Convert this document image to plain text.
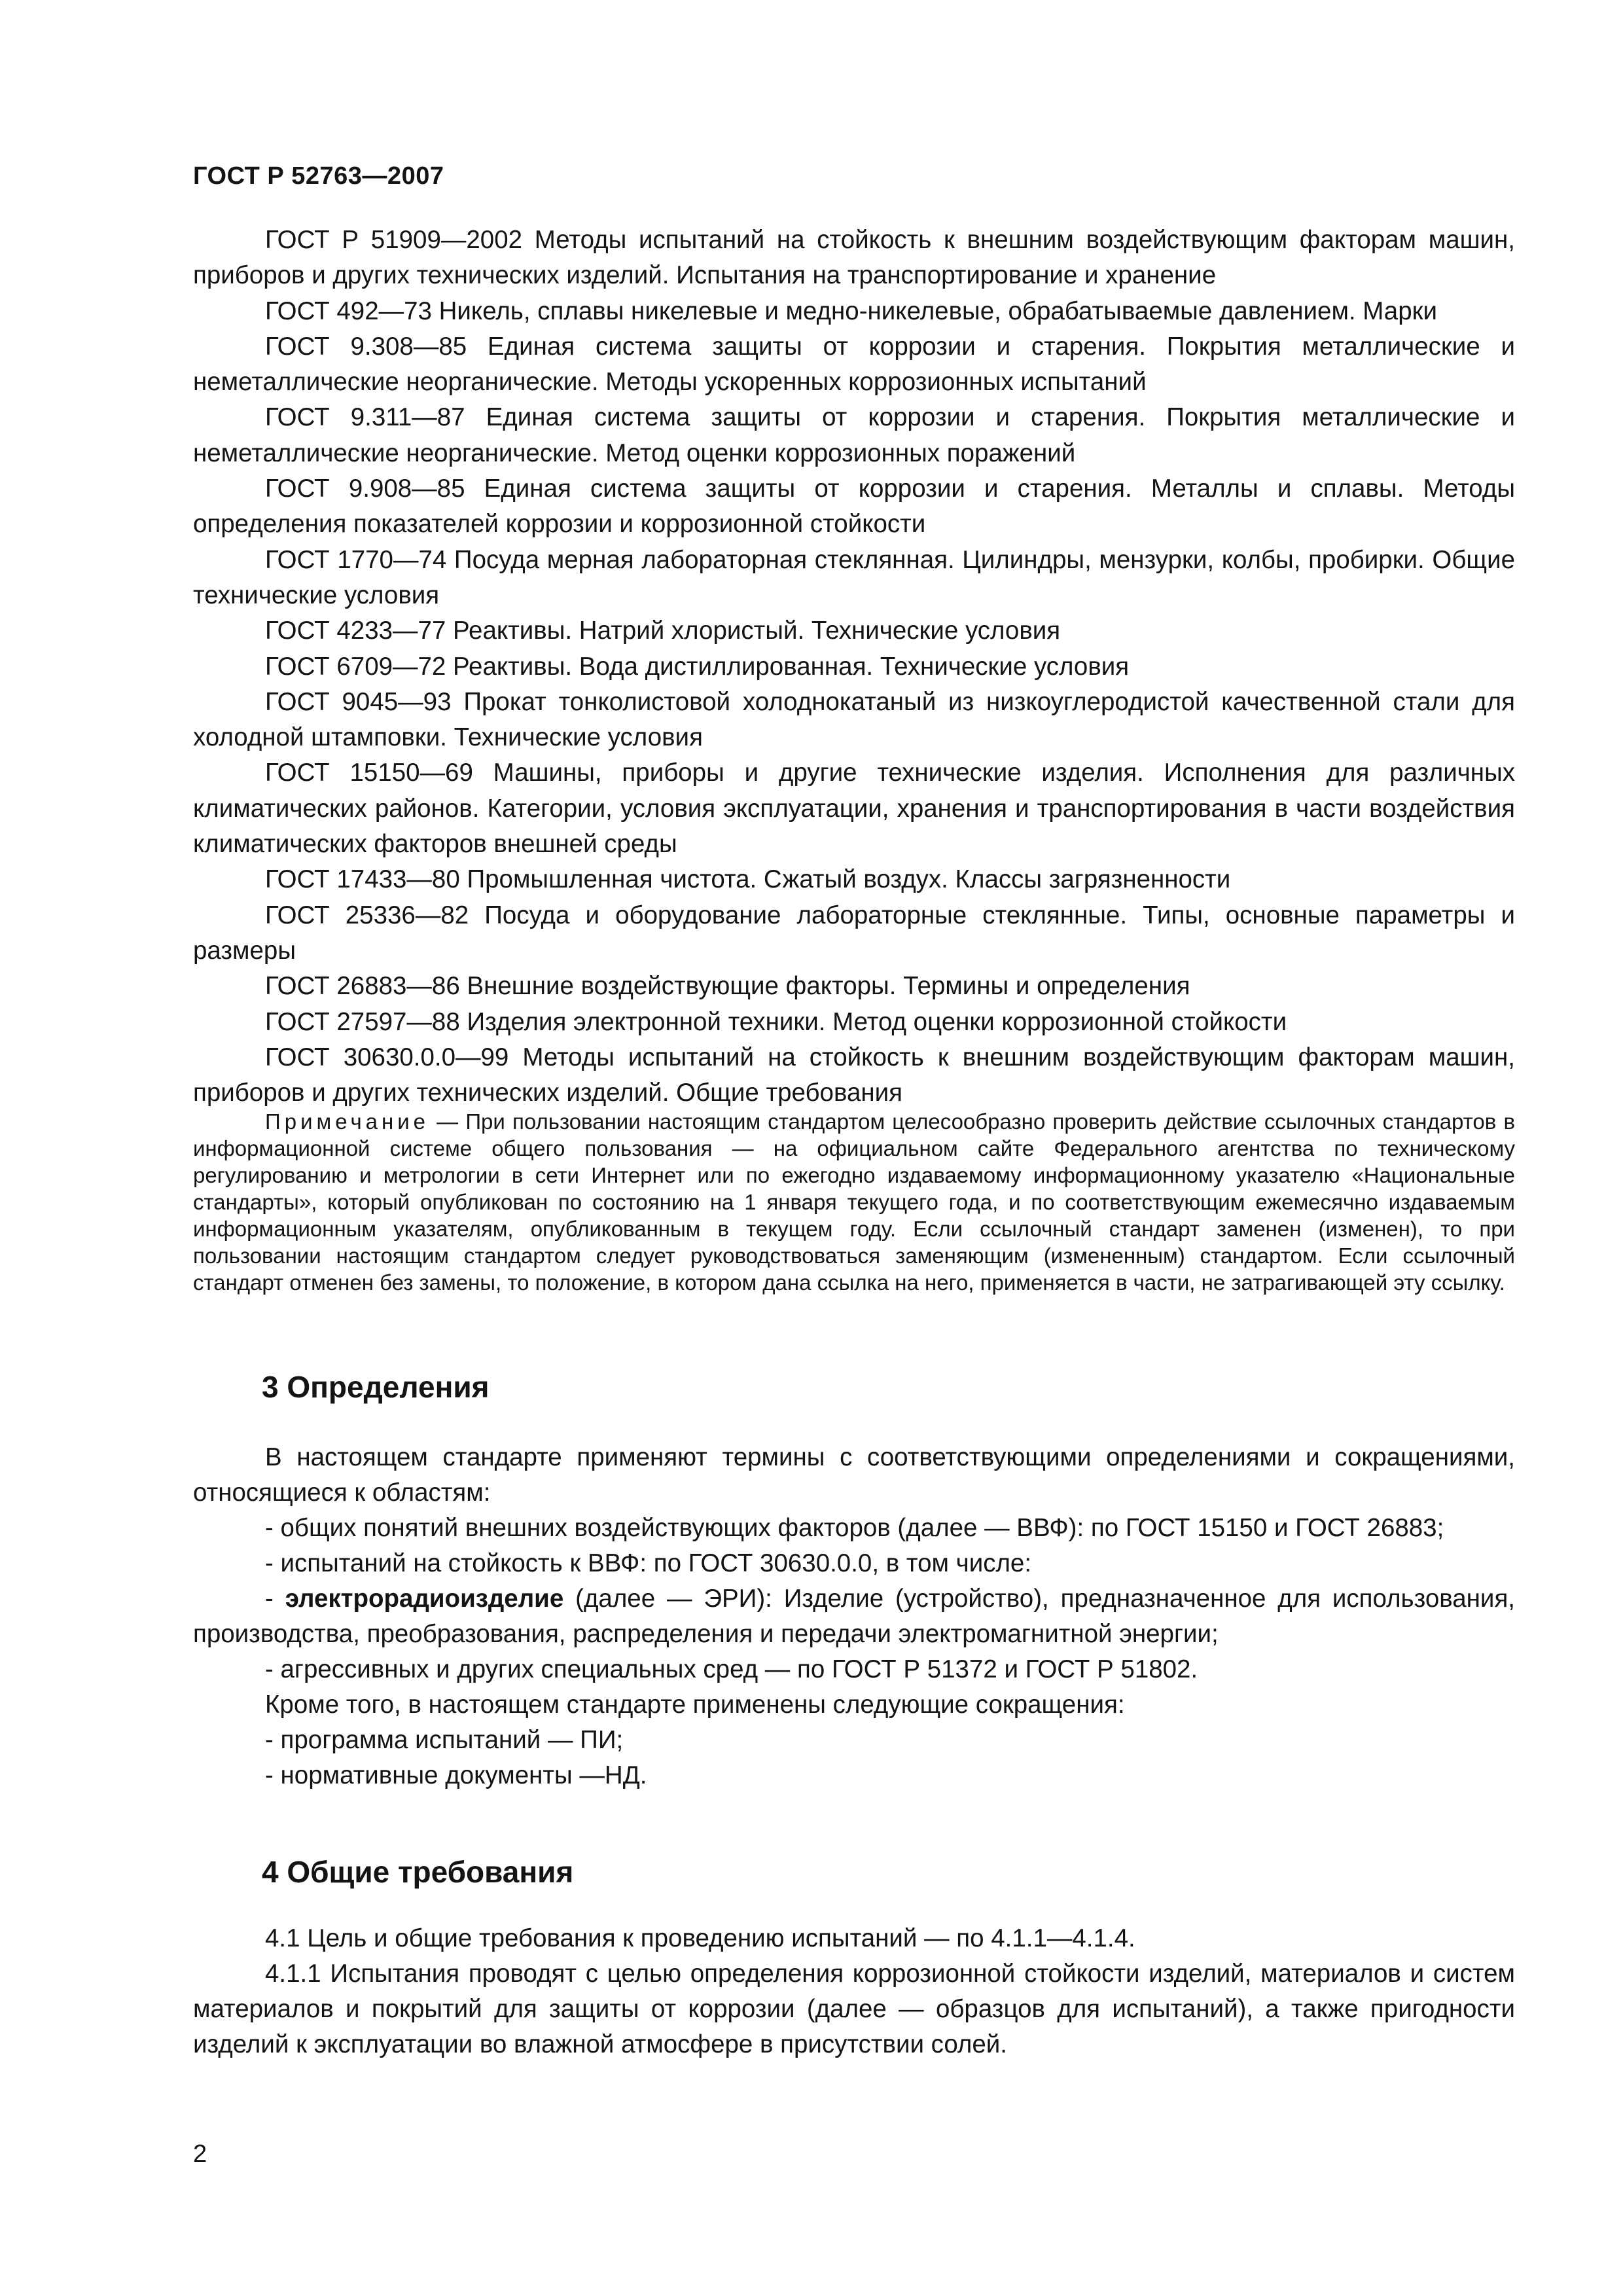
ГОСТ Р 52763—2007

ГОСТ Р 51909—2002 Методы испытаний на стойкость к внешним воздействующим факторам машин, приборов и других технических изделий. Испытания на транспортирование и хранение

ГОСТ 492—73 Никель, сплавы никелевые и медно-никелевые, обрабатываемые давлением. Марки

ГОСТ 9.308—85 Единая система защиты от коррозии и старения. Покрытия металлические и неметаллические неорганические. Методы ускоренных коррозионных испытаний

ГОСТ 9.311—87 Единая система защиты от коррозии и старения. Покрытия металлические и неметаллические неорганические. Метод оценки коррозионных поражений

ГОСТ 9.908—85 Единая система защиты от коррозии и старения. Металлы и сплавы. Методы определения показателей коррозии и коррозионной стойкости

ГОСТ 1770—74 Посуда мерная лабораторная стеклянная. Цилиндры, мензурки, колбы, пробирки. Общие технические условия

ГОСТ 4233—77 Реактивы. Натрий хлористый. Технические условия

ГОСТ 6709—72 Реактивы. Вода дистиллированная. Технические условия

ГОСТ 9045—93 Прокат тонколистовой холоднокатаный из низкоуглеродистой качественной стали для холодной штамповки. Технические условия

ГОСТ 15150—69 Машины, приборы и другие технические изделия. Исполнения для различных климатических районов. Категории, условия эксплуатации, хранения и транспортирования в части воздействия климатических факторов внешней среды

ГОСТ 17433—80 Промышленная чистота. Сжатый воздух. Классы загрязненности

ГОСТ 25336—82 Посуда и оборудование лабораторные стеклянные. Типы, основные параметры и размеры

ГОСТ 26883—86 Внешние воздействующие факторы. Термины и определения

ГОСТ 27597—88 Изделия электронной техники. Метод оценки коррозионной стойкости

ГОСТ 30630.0.0—99 Методы испытаний на стойкость к внешним воздействующим факторам машин, приборов и других технических изделий. Общие требования

Примечание — При пользовании настоящим стандартом целесообразно проверить действие ссылочных стандартов в информационной системе общего пользования — на официальном сайте Федерального агентства по техническому регулированию и метрологии в сети Интернет или по ежегодно издаваемому информационному указателю «Национальные стандарты», который опубликован по состоянию на 1 января текущего года, и по соответствующим ежемесячно издаваемым информационным указателям, опубликованным в текущем году. Если ссылочный стандарт заменен (изменен), то при пользовании настоящим стандартом следует руководствоваться заменяющим (измененным) стандартом. Если ссылочный стандарт отменен без замены, то положение, в котором дана ссылка на него, применяется в части, не затрагивающей эту ссылку.
3 Определения

В настоящем стандарте применяют термины с соответствующими определениями и сокращениями, относящиеся к областям:

- общих понятий внешних воздействующих факторов (далее — ВВФ): по ГОСТ 15150 и ГОСТ 26883;

- испытаний на стойкость к ВВФ: по ГОСТ 30630.0.0, в том числе:

- электрорадиоизделие (далее — ЭРИ): Изделие (устройство), предназначенное для использования, производства, преобразования, распределения и передачи электромагнитной энергии;

- агрессивных и других специальных сред — по ГОСТ Р 51372 и ГОСТ Р 51802.

Кроме того, в настоящем стандарте применены следующие сокращения:

- программа испытаний — ПИ;

- нормативные документы —НД.

4 Общие требования

4.1 Цель и общие требования к проведению испытаний — по 4.1.1—4.1.4.

4.1.1 Испытания проводят с целью определения коррозионной стойкости изделий, материалов и систем материалов и покрытий для защиты от коррозии (далее — образцов для испытаний), а также пригодности изделий к эксплуатации во влажной атмосфере в присутствии солей.

2
